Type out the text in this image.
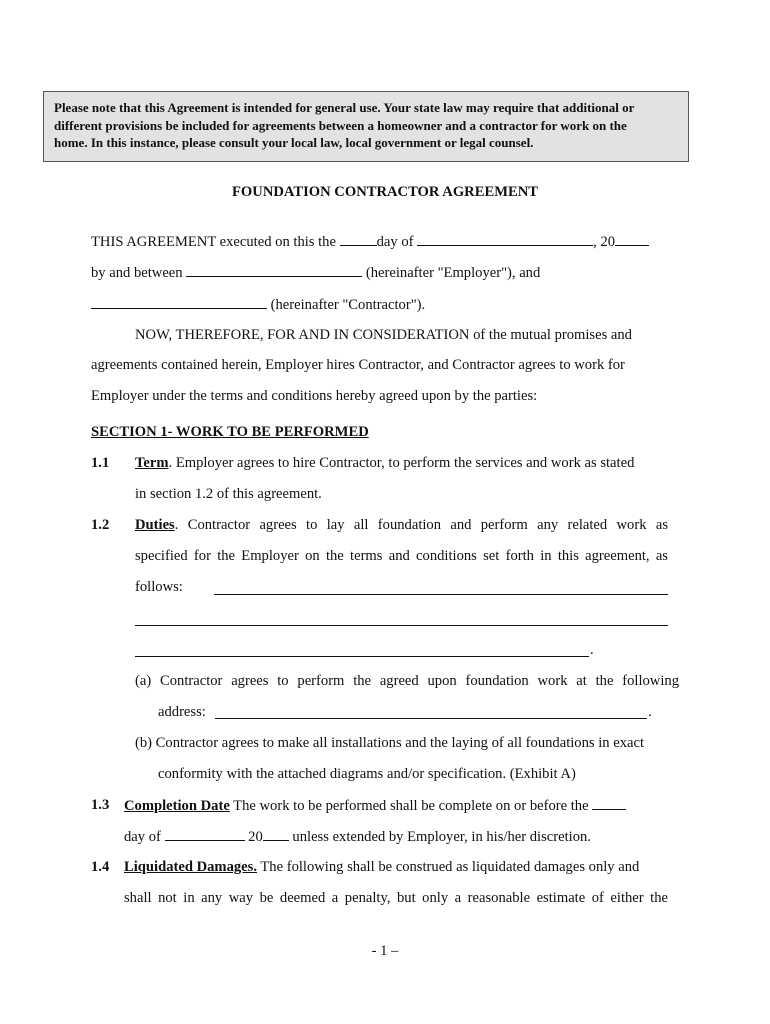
Please note that this Agreement is intended for general use. Your state law may require that additional or

different provisions be included for agreements between a homeowner and a contractor for work on the

home. In this instance, please consult your local law, local government or legal counsel.

FOUNDATION CONTRACTOR AGREEMENT
THIS AGREEMENT executed on this the	day of	, 20
by and between	(hereinafter "Employer"), and
(hereinafter "Contractor").
NOW, THEREFORE, FOR AND IN CONSIDERATION of the mutual promises and
agreements contained herein, Employer hires Contractor, and Contractor agrees to work for
Employer under the terms and conditions hereby agreed upon by the parties:
SECTION 1- WORK TO BE PERFORMED
1.1 Term. Employer agrees to hire Contractor, to perform the services and work as stated
in section 1.2 of this agreement.
1.2 Duties. Contractor agrees to lay all foundation and perform any related work as
specified for the Employer on the terms and conditions set forth in this agreement, as
follows:
.
(a) Contractor agrees to perform the agreed upon foundation work at the following
address:	.
(b) Contractor agrees to make all installations and the laying of all foundations in exact
conformity with the attached diagrams and/or specification. (Exhibit A)
1.3 Completion Date The work to be performed shall be complete on or before the
day of	20 unless extended by Employer, in his/her discretion.
1.4 Liquidated Damages. The following shall be construed as liquidated damages only and
shall not in any way be deemed a penalty, but only a reasonable estimate of either the
- 1 –
